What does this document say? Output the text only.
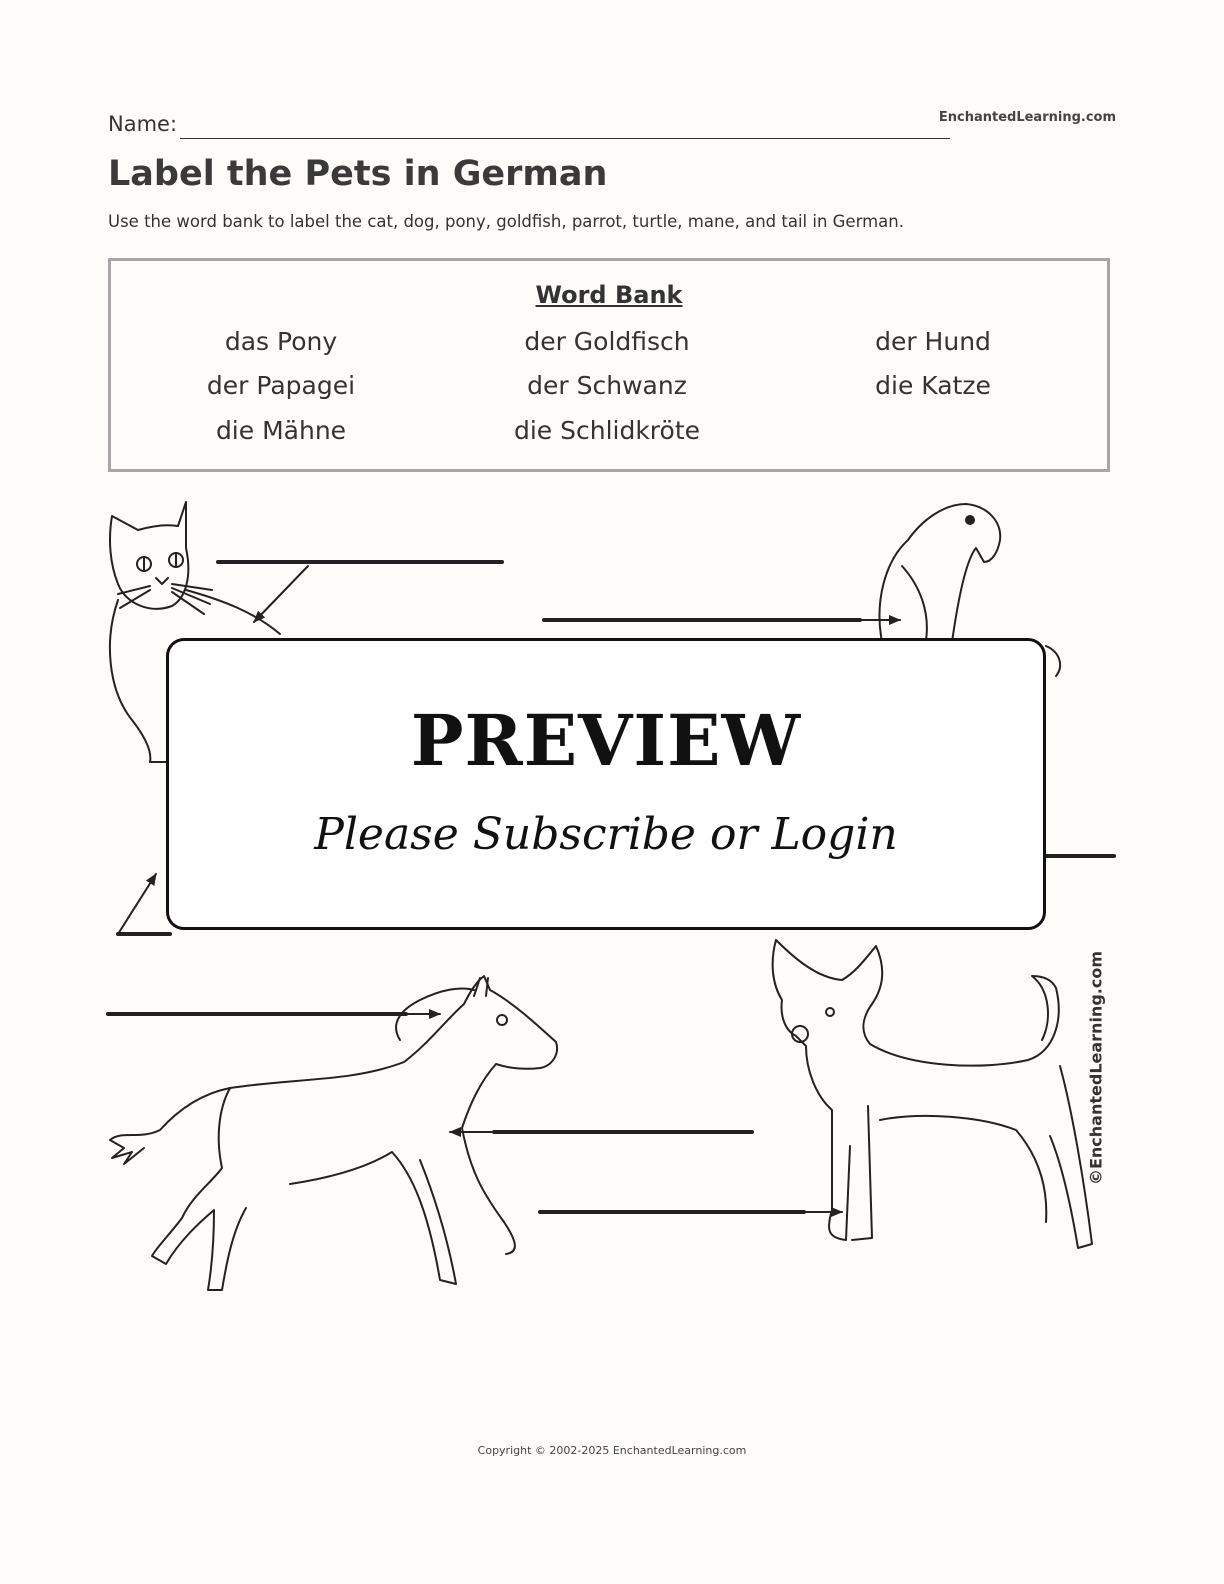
Name:	EnchantedLearning.com
Label the Pets in German
Use the word bank to label the cat, dog, pony, goldfish, parrot, turtle, mane, and tail in German.
Word Bank
das Pony
der Papagei
die Mähne
der Goldfisch
der Schwanz
die Schlidkröte
der Hund
die Katze
PREVIEW
Please Subscribe or Login
©EnchantedLearning.com
Copyright © 2002-2025 EnchantedLearning.com
